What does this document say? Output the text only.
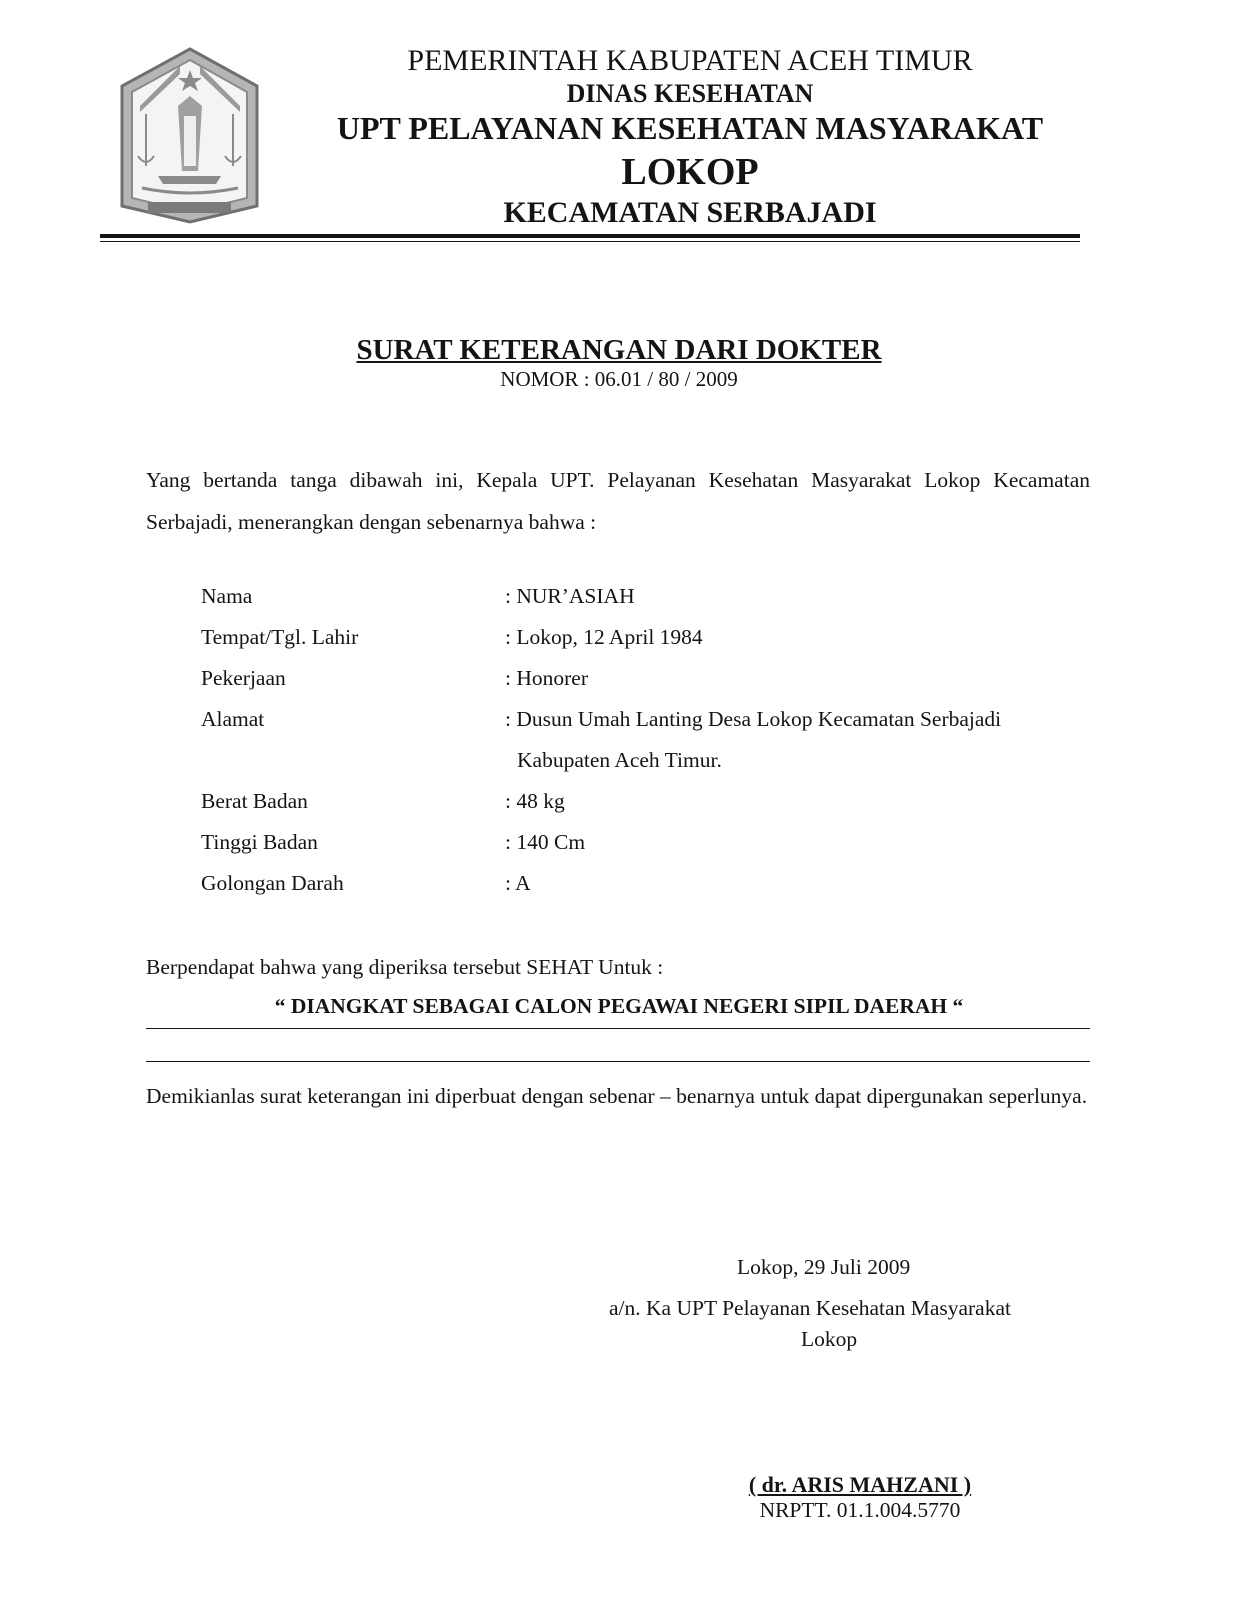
PEMERINTAH KABUPATEN ACEH TIMUR
DINAS KESEHATAN
UPT PELAYANAN KESEHATAN MASYARAKAT
LOKOP
KECAMATAN SERBAJADI
SURAT KETERANGAN DARI DOKTER
NOMOR : 06.01 / 80 / 2009
Yang bertanda tanga dibawah ini, Kepala UPT. Pelayanan Kesehatan Masyarakat Lokop Kecamatan Serbajadi, menerangkan dengan sebenarnya bahwa :
Nama	: NUR’ASIAH
Tempat/Tgl. Lahir	: Lokop, 12 April 1984
Pekerjaan	: Honorer
Alamat	: Dusun Umah Lanting Desa Lokop Kecamatan Serbajadi
Kabupaten Aceh Timur.
Berat Badan	: 48 kg
Tinggi Badan	: 140 Cm
Golongan Darah	: A
Berpendapat bahwa yang diperiksa tersebut SEHAT Untuk :
“ DIANGKAT SEBAGAI CALON PEGAWAI NEGERI SIPIL DAERAH “
Demikianlas surat keterangan ini diperbuat dengan sebenar – benarnya untuk dapat dipergunakan seperlunya.
Lokop, 29 Juli 2009
a/n. Ka UPT Pelayanan Kesehatan Masyarakat
Lokop
( dr. ARIS MAHZANI )
NRPTT. 01.1.004.5770
